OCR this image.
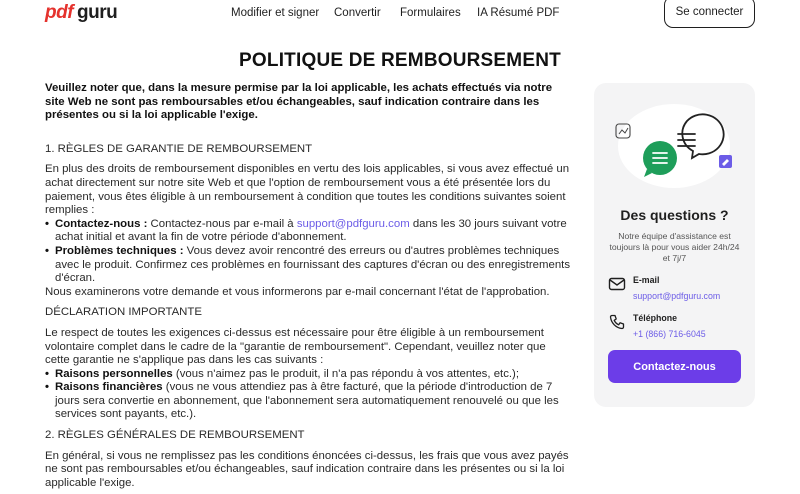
pdf guru	Modifier et signer Convertir Formulaires IA Résumé PDF	Se connecter
POLITIQUE DE REMBOURSEMENT

Veuillez noter que, dans la mesure permise par la loi applicable, les achats effectués via notre site Web ne sont pas remboursables et/ou échangeables, sauf indication contraire dans les présentes ou si la loi applicable l'exige.

1. RÈGLES DE GARANTIE DE REMBOURSEMENT

En plus des droits de remboursement disponibles en vertu des lois applicables, si vous avez effectué un achat directement sur notre site Web et que l'option de remboursement vous a été présentée lors du paiement, vous êtes éligible à un remboursement à condition que toutes les conditions suivantes soient remplies :

• Contactez-nous : Contactez-nous par e-mail à support@pdfguru.com dans les 30 jours suivant votre achat initial et avant la fin de votre période d'abonnement.
• Problèmes techniques : Vous devez avoir rencontré des erreurs ou d'autres problèmes techniques avec le produit. Confirmez ces problèmes en fournissant des captures d'écran ou des enregistrements d'écran.

Nous examinerons votre demande et vous informerons par e-mail concernant l'état de l'approbation.

DÉCLARATION IMPORTANTE

Le respect de toutes les exigences ci-dessus est nécessaire pour être éligible à un remboursement volontaire complet dans le cadre de la "garantie de remboursement". Cependant, veuillez noter que cette garantie ne s'applique pas dans les cas suivants :

• Raisons personnelles (vous n'aimez pas le produit, il n'a pas répondu à vos attentes, etc.);
• Raisons financières (vous ne vous attendiez pas à être facturé, que la période d'introduction de 7 jours sera convertie en abonnement, que l'abonnement sera automatiquement renouvelé ou que les services sont payants, etc.).

2. RÈGLES GÉNÉRALES DE REMBOURSEMENT

En général, si vous ne remplissez pas les conditions énoncées ci-dessus, les frais que vous avez payés ne sont pas remboursables et/ou échangeables, sauf indication contraire dans les présentes ou si la loi applicable l'exige.

Des questions ?
Notre équipe d'assistance est toujours là pour vous aider 24h/24 et 7j/7
E-mail
support@pdfguru.com
Téléphone
+1 (866) 716-6045
Contactez-nous
